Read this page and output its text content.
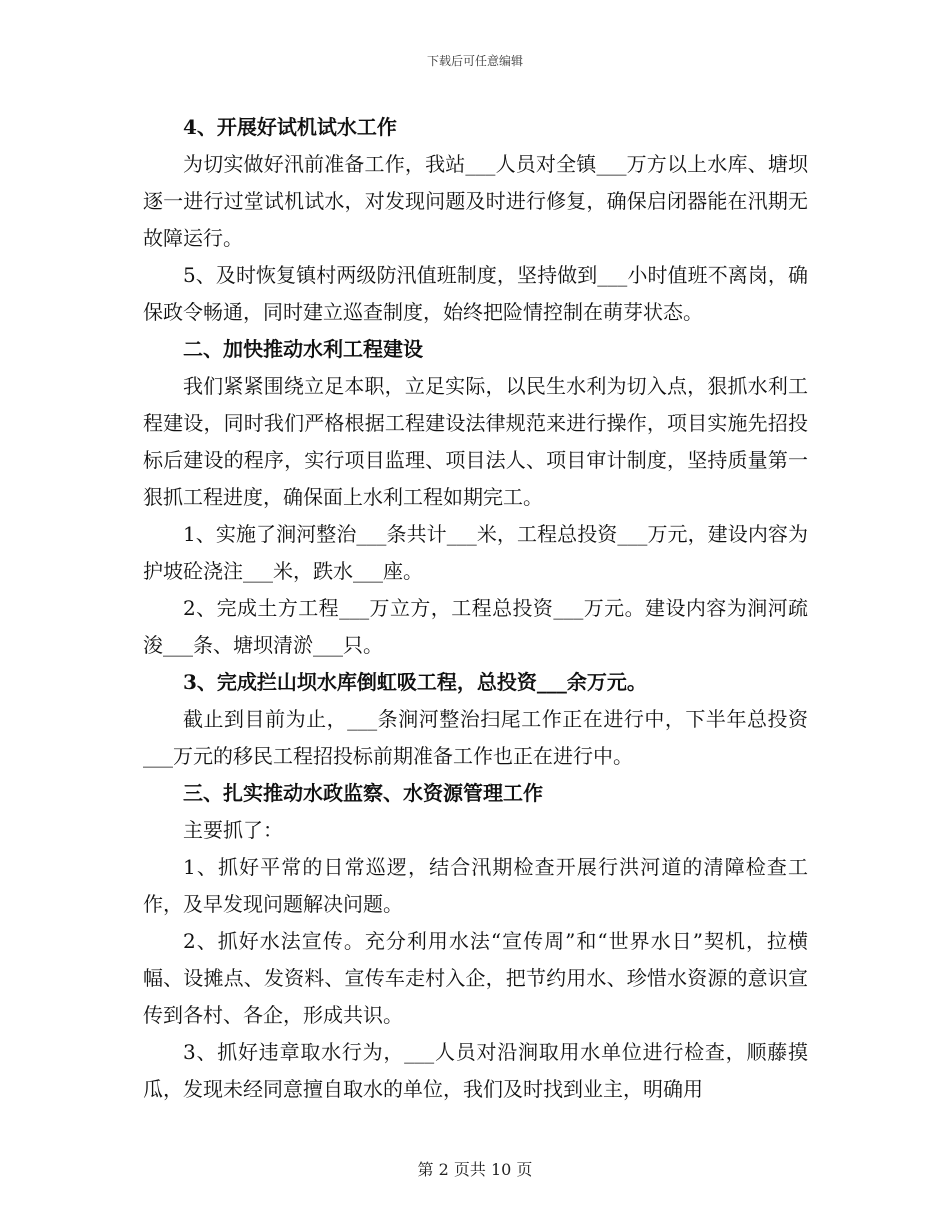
下载后可任意编辑

4、开展好试机试水工作

为切实做好汛前准备工作，我站___人员对全镇___万方以上水库、塘坝逐一进行过堂试机试水，对发现问题及时进行修复，确保启闭器能在汛期无故障运行。

5、及时恢复镇村两级防汛值班制度，坚持做到___小时值班不离岗，确保政令畅通，同时建立巡查制度，始终把险情控制在萌芽状态。

二、加快推动水利工程建设

我们紧紧围绕立足本职，立足实际，以民生水利为切入点，狠抓水利工程建设，同时我们严格根据工程建设法律规范来进行操作，项目实施先招投标后建设的程序，实行项目监理、项目法人、项目审计制度，坚持质量第一狠抓工程进度，确保面上水利工程如期完工。

1、实施了涧河整治___条共计___米，工程总投资___万元，建设内容为护坡砼浇注___米，跌水___座。

2、完成土方工程___万立方，工程总投资___万元。建设内容为涧河疏浚___条、塘坝清淤___只。

3、完成拦山坝水库倒虹吸工程，总投资___余万元。

截止到目前为止，___条涧河整治扫尾工作正在进行中，下半年总投资___万元的移民工程招投标前期准备工作也正在进行中。

三、扎实推动水政监察、水资源管理工作

主要抓了：

1、抓好平常的日常巡逻，结合汛期检查开展行洪河道的清障检查工作，及早发现问题解决问题。

2、抓好水法宣传。充分利用水法“宣传周”和“世界水日”契机，拉横幅、设摊点、发资料、宣传车走村入企，把节约用水、珍惜水资源的意识宣传到各村、各企，形成共识。

3、抓好违章取水行为，___人员对沿涧取用水单位进行检查，顺藤摸瓜，发现未经同意擅自取水的单位，我们及时找到业主，明确用

第 2 页共 10 页
